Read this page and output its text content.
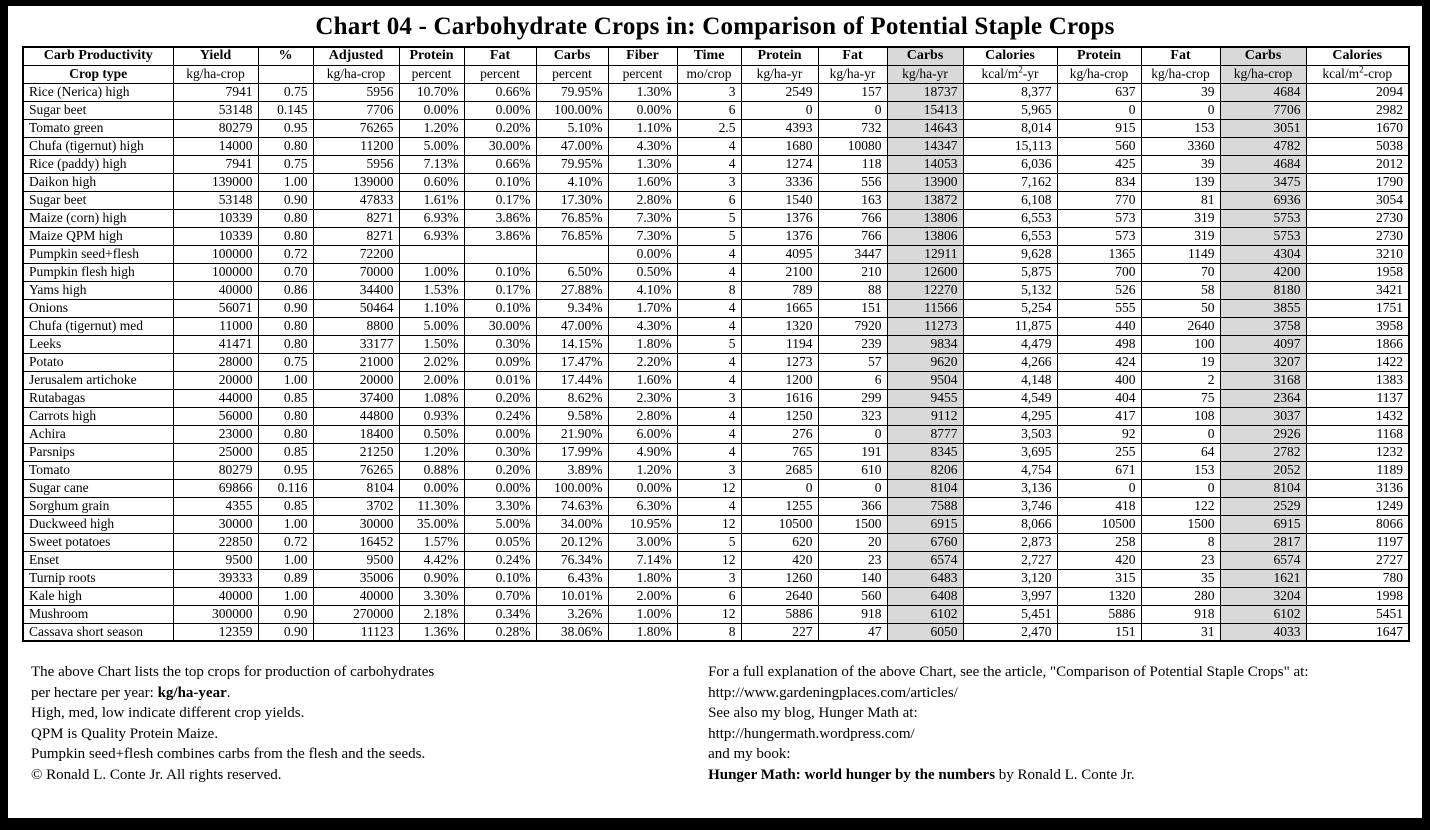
Chart 04 - Carbohydrate Crops in: Comparison of Potential Staple Crops
Carb Productivity	Yield	%	Adjusted	Protein	Fat	Carbs	Fiber	Time	Protein	Fat	Carbs	Calories	Protein	Fat	Carbs	Calories
Crop type	kg/ha-crop		kg/ha-crop	percent	percent	percent	percent	mo/crop	kg/ha-yr	kg/ha-yr	kg/ha-yr	kcal/$m^2-yr$	kg/ha-crop	kg/ha-crop	kg/ha-crop	kcal/$m^2$-crop
Rice (Nerica) high	7941	0.75	5956	10.70%	0.66%	79.95%	1.30%	3	2549	157	18737	8,377	637	39	4684	2094
Sugar beet	53148	0.145	7706	0.00%	0.00%	100.00%	0.00%	6	0	0	15413	5,965	0	0	7706	2982
Tomato green	80279	0.95	76265	1.20%	0.20%	5.10%	1.10%	2.5	4393	732	14643	8,014	915	153	3051	1670
Chufa (tigernut) high	14000	0.80	11200	5.00%	30.00%	47.00%	4.30%	4	1680	10080	14347	15,113	560	3360	4782	5038
Rice (paddy) high	7941	0.75	5956	7.13%	0.66%	79.95%	1.30%	4	1274	118	14053	6,036	425	39	4684	2012
Daikon high	139000	1.00	139000	0.60%	0.10%	4.10%	1.60%	3	3336	556	13900	7,162	834	139	3475	1790
Sugar beet	53148	0.90	47833	1.61%	0.17%	17.30%	2.80%	6	1540	163	13872	6,108	770	81	6936	3054
Maize (corn) high	10339	0.80	8271	6.93%	3.86%	76.85%	7.30%	5	1376	766	13806	6,553	573	319	5753	2730
Maize QPM high	10339	0.80	8271	6.93%	3.86%	76.85%	7.30%	5	1376	766	13806	6,553	573	319	5753	2730
Pumpkin seed+flesh	100000	0.72	72200				0.00%	4	4095	3447	12911	9,628	1365	1149	4304	3210
Pumpkin flesh high	100000	0.70	70000	1.00%	0.10%	6.50%	0.50%	4	2100	210	12600	5,875	700	70	4200	1958
Yams high	40000	0.86	34400	1.53%	0.17%	27.88%	4.10%	8	789	88	12270	5,132	526	58	8180	3421
Onions	56071	0.90	50464	1.10%	0.10%	9.34%	1.70%	4	1665	151	11566	5,254	555	50	3855	1751
Chufa (tigernut) med	11000	0.80	8800	5.00%	30.00%	47.00%	4.30%	4	1320	7920	11273	11,875	440	2640	3758	3958
Leeks	41471	0.80	33177	1.50%	0.30%	14.15%	1.80%	5	1194	239	9834	4,479	498	100	4097	1866
Potato	28000	0.75	21000	2.02%	0.09%	17.47%	2.20%	4	1273	57	9620	4,266	424	19	3207	1422
Jerusalem artichoke	20000	1.00	20000	2.00%	0.01%	17.44%	1.60%	4	1200	6	9504	4,148	400	2	3168	1383
Rutabagas	44000	0.85	37400	1.08%	0.20%	8.62%	2.30%	3	1616	299	9455	4,549	404	75	2364	1137
Carrots high	56000	0.80	44800	0.93%	0.24%	9.58%	2.80%	4	1250	323	9112	4,295	417	108	3037	1432
Achira	23000	0.80	18400	0.50%	0.00%	21.90%	6.00%	4	276	0	8777	3,503	92	0	2926	1168
Parsnips	25000	0.85	21250	1.20%	0.30%	17.99%	4.90%	4	765	191	8345	3,695	255	64	2782	1232
Tomato	80279	0.95	76265	0.88%	0.20%	3.89%	1.20%	3	2685	610	8206	4,754	671	153	2052	1189
Sugar cane	69866	0.116	8104	0.00%	0.00%	100.00%	0.00%	12	0	0	8104	3,136	0	0	8104	3136
Sorghum grain	4355	0.85	3702	11.30%	3.30%	74.63%	6.30%	4	1255	366	7588	3,746	418	122	2529	1249
Duckweed high	30000	1.00	30000	35.00%	5.00%	34.00%	10.95%	12	10500	1500	6915	8,066	10500	1500	6915	8066
Sweet potatoes	22850	0.72	16452	1.57%	0.05%	20.12%	3.00%	5	620	20	6760	2,873	258	8	2817	1197
Enset	9500	1.00	9500	4.42%	0.24%	76.34%	7.14%	12	420	23	6574	2,727	420	23	6574	2727
Turnip roots	39333	0.89	35006	0.90%	0.10%	6.43%	1.80%	3	1260	140	6483	3,120	315	35	1621	780
Kale high	40000	1.00	40000	3.30%	0.70%	10.01%	2.00%	6	2640	560	6408	3,997	1320	280	3204	1998
Mushroom	300000	0.90	270000	2.18%	0.34%	3.26%	1.00%	12	5886	918	6102	5,451	5886	918	6102	5451
Cassava short season	12359	0.90	11123	1.36%	0.28%	38.06%	1.80%	8	227	47	6050	2,470	151	31	4033	1647
The above Chart lists the top crops for production of carbohydrates
per hectare per year: kg/ha-year.
High, med, low indicate different crop yields.
QPM is Quality Protein Maize.
Pumpkin seed+flesh combines carbs from the flesh and the seeds.
© Ronald L. Conte Jr. All rights reserved.
For a full explanation of the above Chart, see the article, "Comparison of Potential Staple Crops" at:
http://www.gardeningplaces.com/articles/
See also my blog, Hunger Math at:
http://hungermath.wordpress.com/
and my book:
Hunger Math: world hunger by the numbers by Ronald L. Conte Jr.
